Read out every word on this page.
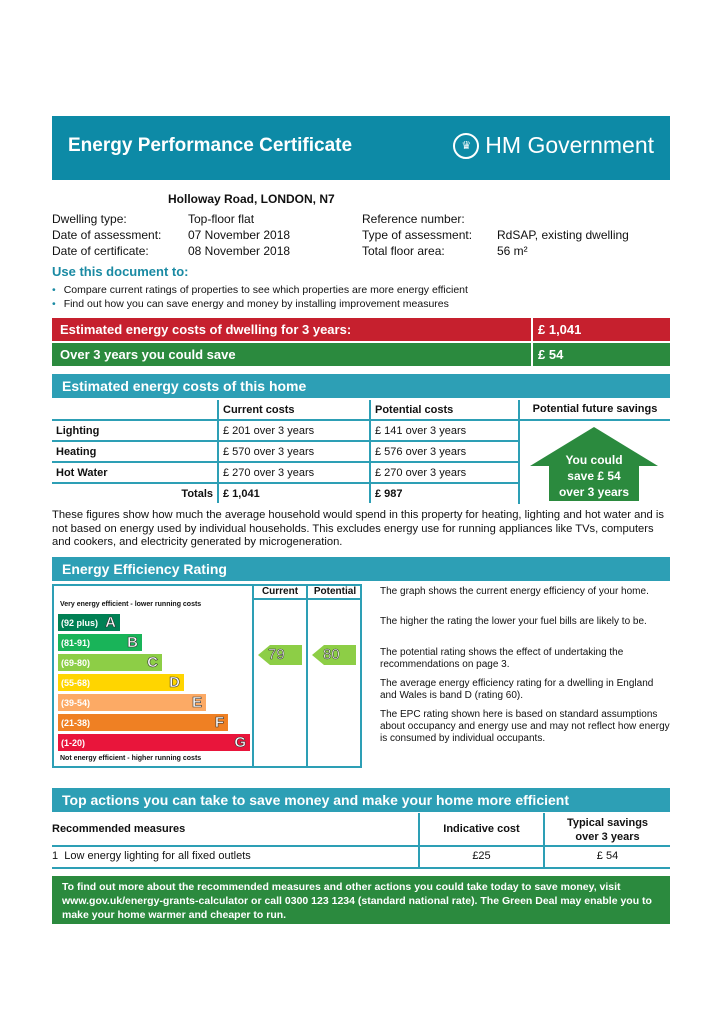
Energy Performance Certificate	♛ HM Government
Holloway Road, LONDON, N7
Dwelling type:	Top-floor flat
Date of assessment: 07 November 2018
Date of certificate:	08 November 2018
Reference number:
Type of assessment: RdSAP, existing dwelling
Total floor area:	56 m²
Use this document to:
• Compare current ratings of properties to see which properties are more energy efficient
• Find out how you can save energy and money by installing improvement measures
Estimated energy costs of dwelling for 3 years:	£ 1,041
Over 3 years you could save	£ 54
Estimated energy costs of this home
	Current costs	Potential costs
Lighting	£ 201 over 3 years	£ 141 over 3 years
Heating	£ 570 over 3 years	£ 576 over 3 years
Hot Water	£ 270 over 3 years	£ 270 over 3 years
Totals	£ 1,041	£ 987
Potential future savings
You could
save £ 54
over 3 years
These figures show how much the average household would spend in this property for heating, lighting and hot water and is not based on energy used by individual households. This excludes energy use for running appliances like TVs, computers and cookers, and electricity generated by microgeneration.
Energy Efficiency Rating
Current	Potential
Very energy efficient - lower running costs
Not energy efficient - higher running costs
(92 plus) A
(81-91) B
(69-80)	C
(55-68)	D
(39-54)	E
(21-38)	F
(1-20)	G
79	80
The graph shows the current energy efficiency of your home.
The higher the rating the lower your fuel bills are likely to be.
The potential rating shows the effect of undertaking the recommendations on page 3.
The average energy efficiency rating for a dwelling in England and Wales is band D (rating 60).
The EPC rating shown here is based on standard assumptions about occupancy and energy use and may not reflect how energy is consumed by individual occupants.
Top actions you can take to save money and make your home more efficient
Recommended measures	Indicative cost	Typical savings
over 3 years
1 Low energy lighting for all fixed outlets	£25	£ 54
To find out more about the recommended measures and other actions you could take today to save money, visit www.gov.uk/energy-grants-calculator or call 0300 123 1234 (standard national rate). The Green Deal may enable you to make your home warmer and cheaper to run.
